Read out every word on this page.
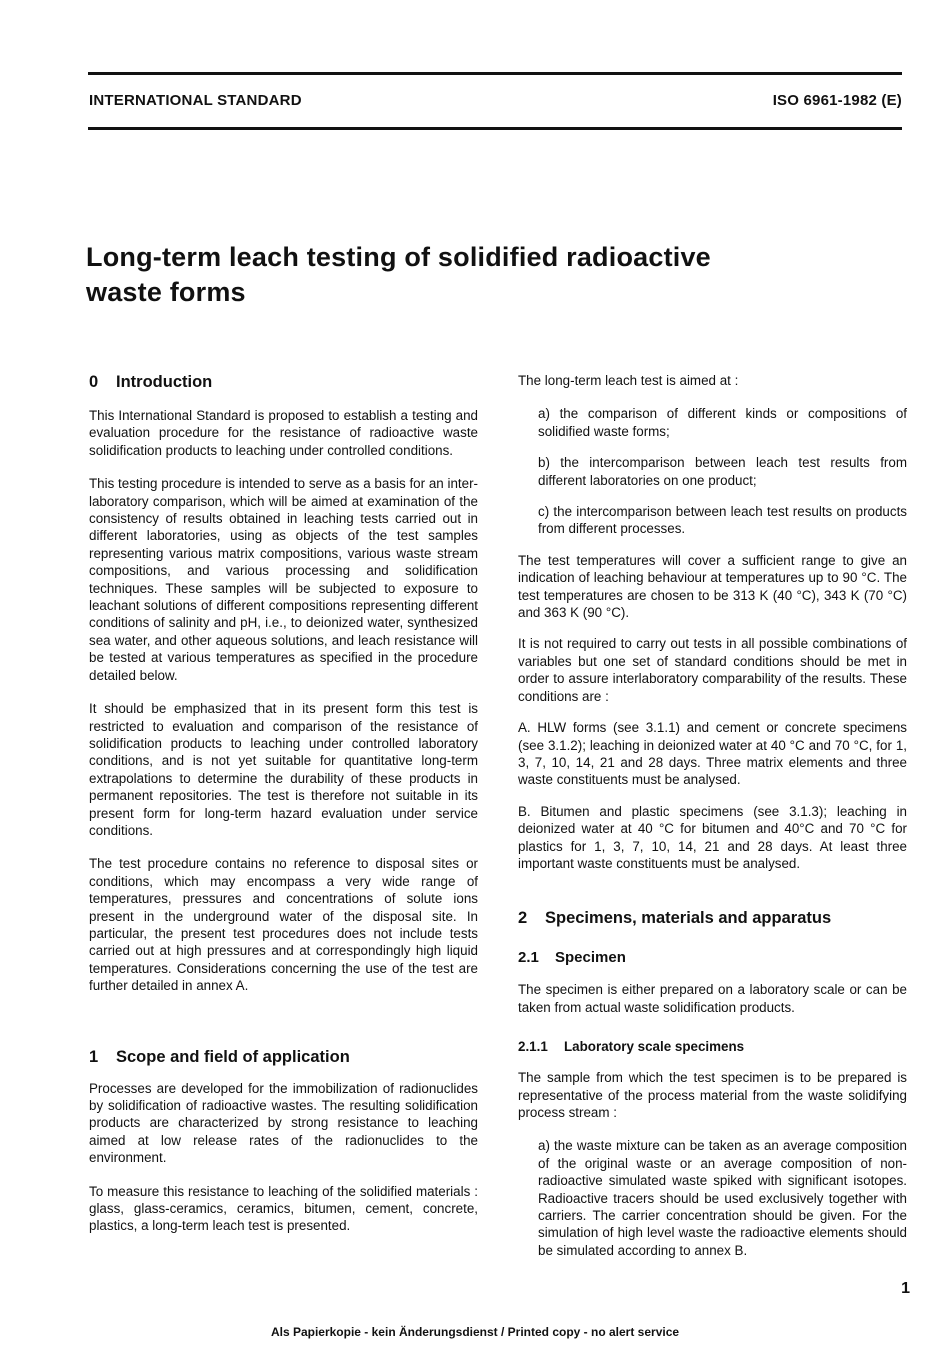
INTERNATIONAL STANDARD	ISO 6961-1982 (E)
Long-term leach testing of solidified radioactive
waste forms
0 Introduction

This International Standard is proposed to establish a testing and evaluation procedure for the resistance of radioactive waste solidification products to leaching under controlled conditions.

This testing procedure is intended to serve as a basis for an inter-laboratory comparison, which will be aimed at examination of the consistency of results obtained in leaching tests carried out in different laboratories, using as objects of the test samples representing various matrix compositions, various waste stream compositions, and various processing and solidification techniques. These samples will be subjected to exposure to leachant solutions of different compositions representing different conditions of salinity and pH, i.e., to deionized water, synthesized sea water, and other aqueous solutions, and leach resistance will be tested at various temperatures as specified in the procedure detailed below.

It should be emphasized that in its present form this test is restricted to evaluation and comparison of the resistance of solidification products to leaching under controlled laboratory conditions, and is not yet suitable for quantitative long-term extrapolations to determine the durability of these products in permanent repositories. The test is therefore not suitable in its present form for long-term hazard evaluation under service conditions.

The test procedure contains no reference to disposal sites or conditions, which may encompass a very wide range of temperatures, pressures and concentrations of solute ions present in the underground water of the disposal site. In particular, the present test procedures does not include tests carried out at high pressures and at correspondingly high liquid temperatures. Considerations concerning the use of the test are further detailed in annex A.

1 Scope and field of application

Processes are developed for the immobilization of radionuclides by solidification of radioactive wastes. The resulting solidification products are characterized by strong resistance to leaching aimed at low release rates of the radionuclides to the environment.

To measure this resistance to leaching of the solidified materials : glass, glass-ceramics, ceramics, bitumen, cement, concrete, plastics, a long-term leach test is presented.

The long-term leach test is aimed at :

a) the comparison of different kinds or compositions of solidified waste forms;

b) the intercomparison between leach test results from different laboratories on one product;

c) the intercomparison between leach test results on products from different processes.

The test temperatures will cover a sufficient range to give an indication of leaching behaviour at temperatures up to 90 °C. The test temperatures are chosen to be 313 K (40 °C), 343 K (70 °C) and 363 K (90 °C).

It is not required to carry out tests in all possible combinations of variables but one set of standard conditions should be met in order to assure interlaboratory comparability of the results. These conditions are :

A. HLW forms (see 3.1.1) and cement or concrete specimens (see 3.1.2); leaching in deionized water at 40 °C and 70 °C, for 1, 3, 7, 10, 14, 21 and 28 days. Three matrix elements and three waste constituents must be analysed.

B. Bitumen and plastic specimens (see 3.1.3); leaching in deionized water at 40 °C for bitumen and 40°C and 70 °C for plastics for 1, 3, 7, 10, 14, 21 and 28 days. At least three important waste constituents must be analysed.

2 Specimens, materials and apparatus
2.1 Specimen

The specimen is either prepared on a laboratory scale or can be taken from actual waste solidification products.

2.1.1 Laboratory scale specimens

The sample from which the test specimen is to be prepared is representative of the process material from the waste solidifying process stream :

a) the waste mixture can be taken as an average composition of the original waste or an average composition of non-radioactive simulated waste spiked with significant isotopes. Radioactive tracers should be used exclusively together with carriers. The carrier concentration should be given. For the simulation of high level waste the radioactive elements should be simulated according to annex B.

1
Als Papierkopie - kein Änderungsdienst / Printed copy - no alert service
